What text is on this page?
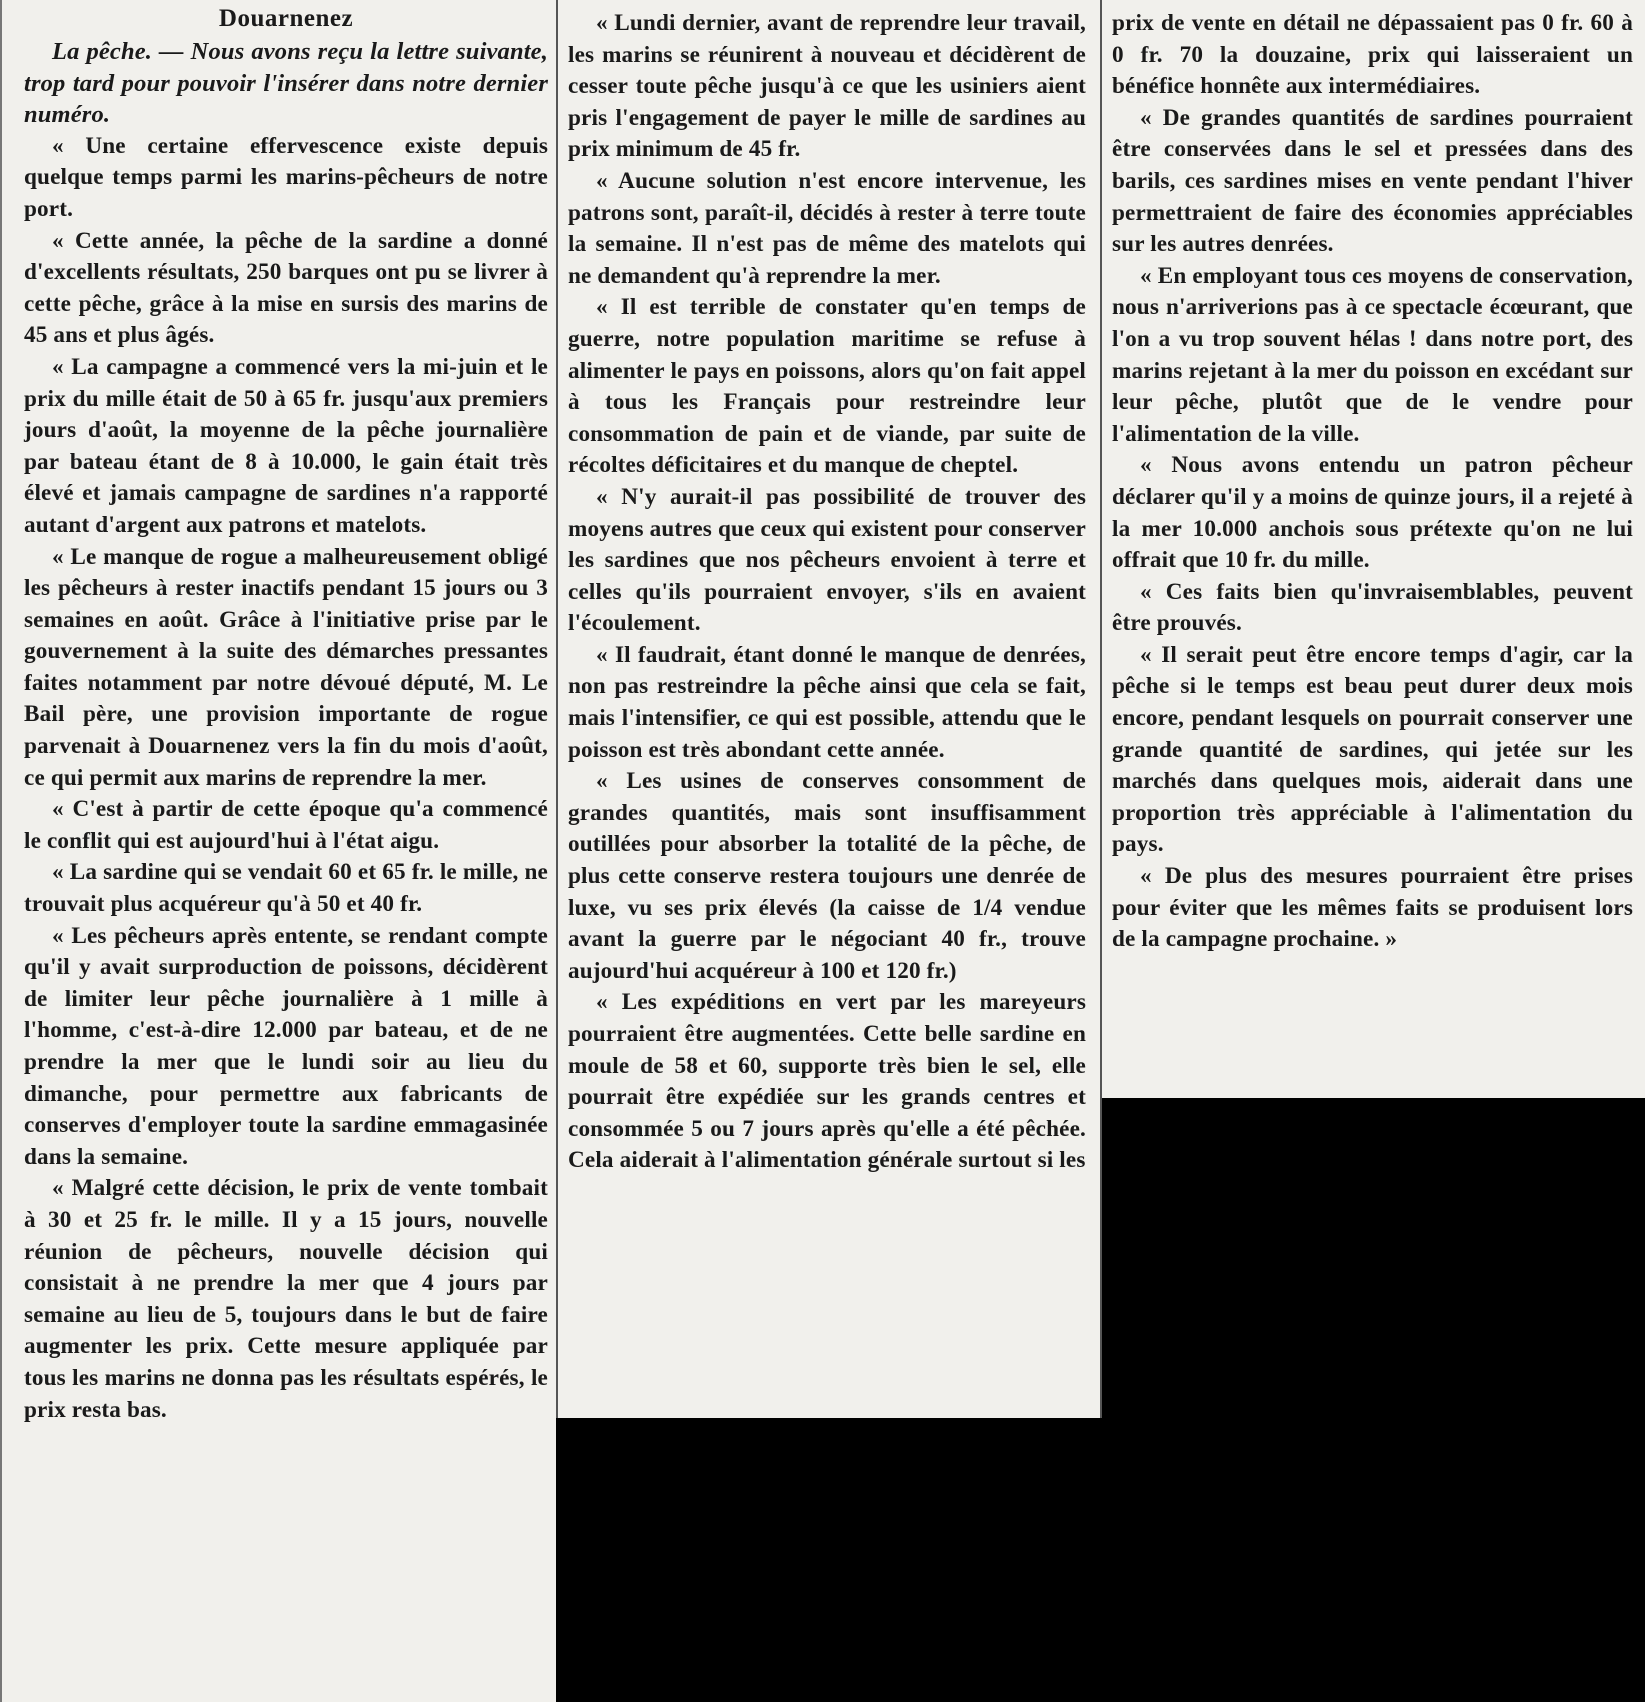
Douarnenez

La pêche. — Nous avons reçu la lettre suivante, trop tard pour pouvoir l'insérer dans notre dernier numéro.

« Une certaine effervescence existe depuis quelque temps parmi les marins-pêcheurs de notre port.

« Cette année, la pêche de la sardine a donné d'excellents résultats, 250 barques ont pu se livrer à cette pêche, grâce à la mise en sursis des marins de 45 ans et plus âgés.

« La campagne a commencé vers la mi-juin et le prix du mille était de 50 à 65 fr. jusqu'aux premiers jours d'août, la moyenne de la pêche journalière par bateau étant de 8 à 10.000, le gain était très élevé et jamais campagne de sardines n'a rapporté autant d'argent aux patrons et matelots.

« Le manque de rogue a malheureusement obligé les pêcheurs à rester inactifs pendant 15 jours ou 3 semaines en août. Grâce à l'initiative prise par le gouvernement à la suite des démarches pressantes faites notamment par notre dévoué député, M. Le Bail père, une provision importante de rogue parvenait à Douarnenez vers la fin du mois d'août, ce qui permit aux marins de reprendre la mer.

« C'est à partir de cette époque qu'a commencé le conflit qui est aujourd'hui à l'état aigu.

« La sardine qui se vendait 60 et 65 fr. le mille, ne trouvait plus acquéreur qu'à 50 et 40 fr.

« Les pêcheurs après entente, se rendant compte qu'il y avait surproduction de poissons, décidèrent de limiter leur pêche journalière à 1 mille à l'homme, c'est-à-dire 12.000 par bateau, et de ne prendre la mer que le lundi soir au lieu du dimanche, pour permettre aux fabricants de conserves d'employer toute la sardine emmagasinée dans la semaine.

« Malgré cette décision, le prix de vente tombait à 30 et 25 fr. le mille. Il y a 15 jours, nouvelle réunion de pêcheurs, nouvelle décision qui consistait à ne prendre la mer que 4 jours par semaine au lieu de 5, toujours dans le but de faire augmenter les prix. Cette mesure appliquée par tous les marins ne donna pas les résultats espérés, le prix resta bas.

« Lundi dernier, avant de reprendre leur travail, les marins se réunirent à nouveau et décidèrent de cesser toute pêche jusqu'à ce que les usiniers aient pris l'engagement de payer le mille de sardines au prix minimum de 45 fr.

« Aucune solution n'est encore intervenue, les patrons sont, paraît-il, décidés à rester à terre toute la semaine. Il n'est pas de même des matelots qui ne demandent qu'à reprendre la mer.

« Il est terrible de constater qu'en temps de guerre, notre population maritime se refuse à alimenter le pays en poissons, alors qu'on fait appel à tous les Français pour restreindre leur consommation de pain et de viande, par suite de récoltes déficitaires et du manque de cheptel.

« N'y aurait-il pas possibilité de trouver des moyens autres que ceux qui existent pour conserver les sardines que nos pêcheurs envoient à terre et celles qu'ils pourraient envoyer, s'ils en avaient l'écoulement.

« Il faudrait, étant donné le manque de denrées, non pas restreindre la pêche ainsi que cela se fait, mais l'intensifier, ce qui est possible, attendu que le poisson est très abondant cette année.

« Les usines de conserves consomment de grandes quantités, mais sont insuffisamment outillées pour absorber la totalité de la pêche, de plus cette conserve restera toujours une denrée de luxe, vu ses prix élevés (la caisse de 1/4 vendue avant la guerre par le négociant 40 fr., trouve aujourd'hui acquéreur à 100 et 120 fr.)

« Les expéditions en vert par les mareyeurs pourraient être augmentées. Cette belle sardine en moule de 58 et 60, supporte très bien le sel, elle pourrait être expédiée sur les grands centres et consommée 5 ou 7 jours après qu'elle a été pêchée. Cela aiderait à l'alimentation générale surtout si les

prix de vente en détail ne dépassaient pas 0 fr. 60 à 0 fr. 70 la douzaine, prix qui laisseraient un bénéfice honnête aux intermédiaires.

« De grandes quantités de sardines pourraient être conservées dans le sel et pressées dans des barils, ces sardines mises en vente pendant l'hiver permettraient de faire des économies appréciables sur les autres denrées.

« En employant tous ces moyens de conservation, nous n'arriverions pas à ce spectacle écœurant, que l'on a vu trop souvent hélas ! dans notre port, des marins rejetant à la mer du poisson en excédant sur leur pêche, plutôt que de le vendre pour l'alimentation de la ville.

« Nous avons entendu un patron pêcheur déclarer qu'il y a moins de quinze jours, il a rejeté à la mer 10.000 anchois sous prétexte qu'on ne lui offrait que 10 fr. du mille.

« Ces faits bien qu'invraisemblables, peuvent être prouvés.

« Il serait peut être encore temps d'agir, car la pêche si le temps est beau peut durer deux mois encore, pendant lesquels on pourrait conserver une grande quantité de sardines, qui jetée sur les marchés dans quelques mois, aiderait dans une proportion très appréciable à l'alimentation du pays.

« De plus des mesures pourraient être prises pour éviter que les mêmes faits se produisent lors de la campagne prochaine. »
